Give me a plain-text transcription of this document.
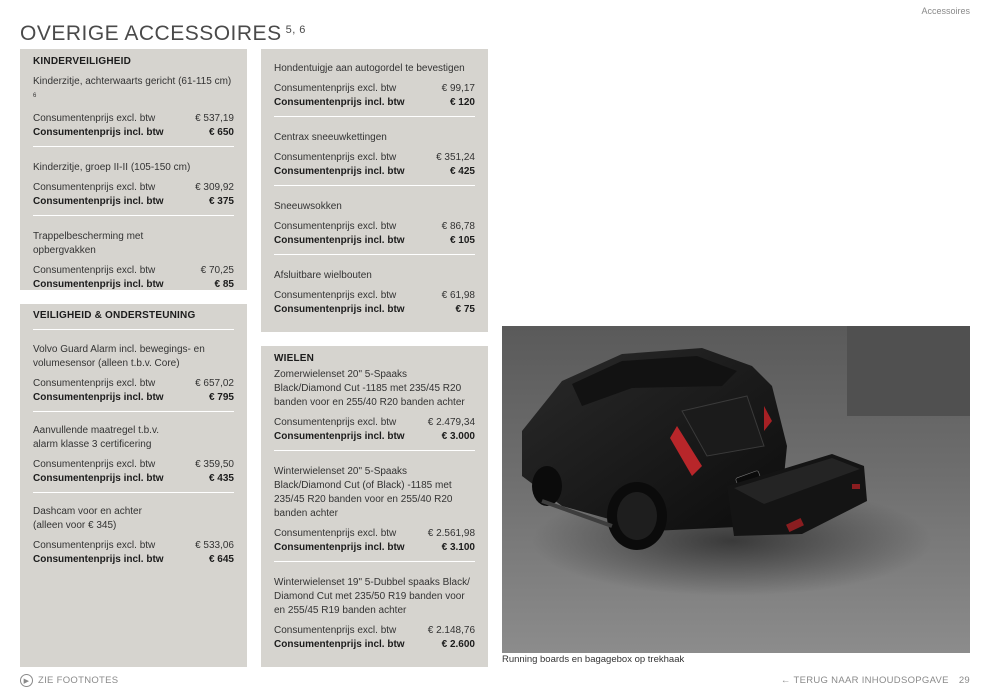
Accessoires
OVERIGE ACCESSOIRES $^{5, 6}$
KINDERVEILIGHEID
Kinderzitje, achterwaarts gericht (61-115 cm) $^6$
Consumentenprijs excl. btw	€ 537,19
Consumentenprijs incl. btw	€ 650
Kinderzitje, groep II-II (105-150 cm)
Consumentenprijs excl. btw	€ 309,92
Consumentenprijs incl. btw	€ 375
Trappelbescherming met opbergvakken
Consumentenprijs excl. btw	€ 70,25
Consumentenprijs incl. btw	€ 85
VEILIGHEID & ONDERSTEUNING
Volvo Guard Alarm incl. bewegings- en volumesensor (alleen t.b.v. Core)
Consumentenprijs excl. btw	€ 657,02
Consumentenprijs incl. btw	€ 795
Aanvullende maatregel t.b.v. alarm klasse 3 certificering
Consumentenprijs excl. btw	€ 359,50
Consumentenprijs incl. btw	€ 435
Dashcam voor en achter (alleen voor € 345)
Consumentenprijs excl. btw	€ 533,06
Consumentenprijs incl. btw	€ 645
Hondentuigje aan autogordel te bevestigen
Consumentenprijs excl. btw	€ 99,17
Consumentenprijs incl. btw	€ 120
Centrax sneeuwkettingen
Consumentenprijs excl. btw	€ 351,24
Consumentenprijs incl. btw	€ 425
Sneeuwsokken
Consumentenprijs excl. btw	€ 86,78
Consumentenprijs incl. btw	€ 105
Afsluitbare wielbouten
Consumentenprijs excl. btw	€ 61,98
Consumentenprijs incl. btw	€ 75
WIELEN
Zomerwielenset 20" 5-Spaaks Black/Diamond Cut -1185 met 235/45 R20 banden voor en 255/40 R20 banden achter
Consumentenprijs excl. btw	€ 2.479,34
Consumentenprijs incl. btw	€ 3.000
Winterwielenset 20" 5-Spaaks Black/Diamond Cut (of Black) -1185 met 235/45 R20 banden voor en 255/40 R20 banden achter
Consumentenprijs excl. btw	€ 2.561,98
Consumentenprijs incl. btw	€ 3.100
Winterwielenset 19" 5-Dubbel spaaks Black/ Diamond Cut met 235/50 R19 banden voor en 255/45 R19 banden achter
Consumentenprijs excl. btw	€ 2.148,76
Consumentenprijs incl. btw	€ 2.600
Running boards en bagagebox op trekhaak
▶ ZIE FOOTNOTES	← TERUG NAAR INHOUDSOPGAVE 29
